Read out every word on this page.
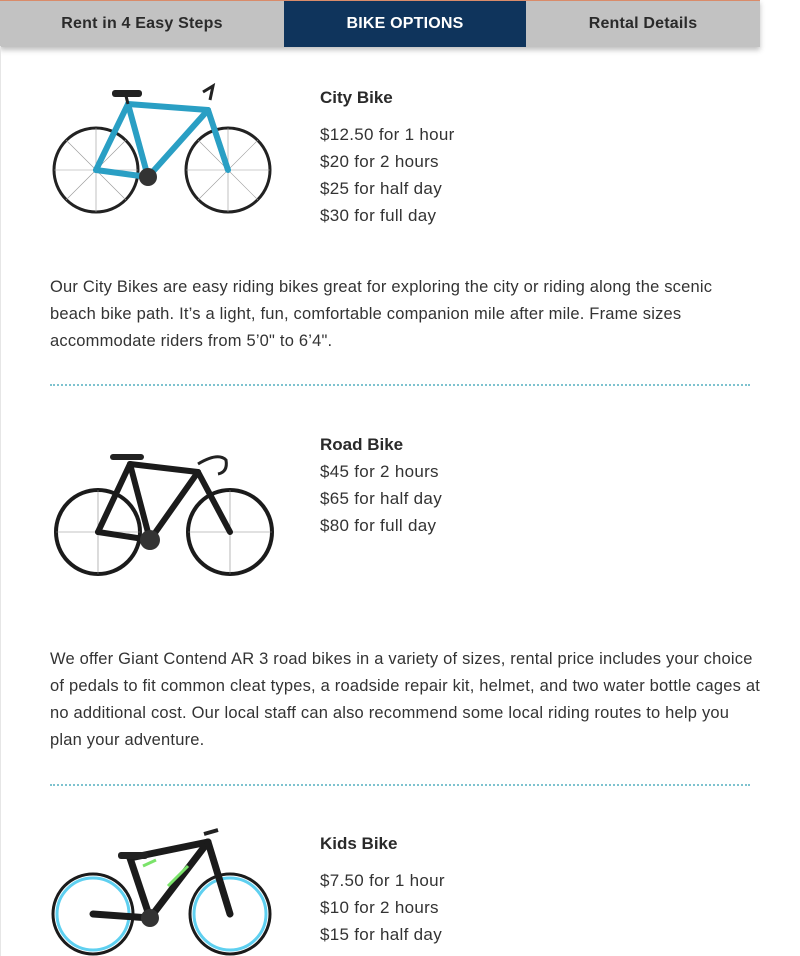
Rent in 4 Easy Steps	BIKE OPTIONS	Rental Details
City Bike
$12.50 for 1 hour
$20 for 2 hours
$25 for half day
$30 for full day
Our City Bikes are easy riding bikes great for exploring the city or riding along the scenic beach bike path. It’s a light, fun, comfortable companion mile after mile. Frame sizes accommodate riders from 5’0" to 6’4".
Road Bike
$45 for 2 hours
$65 for half day
$80 for full day
We offer Giant Contend AR 3 road bikes in a variety of sizes, rental price includes your choice of pedals to fit common cleat types, a roadside repair kit, helmet, and two water bottle cages at no additional cost. Our local staff can also recommend some local riding routes to help you plan your adventure.
Kids Bike
$7.50 for 1 hour
$10 for 2 hours
$15 for half day
